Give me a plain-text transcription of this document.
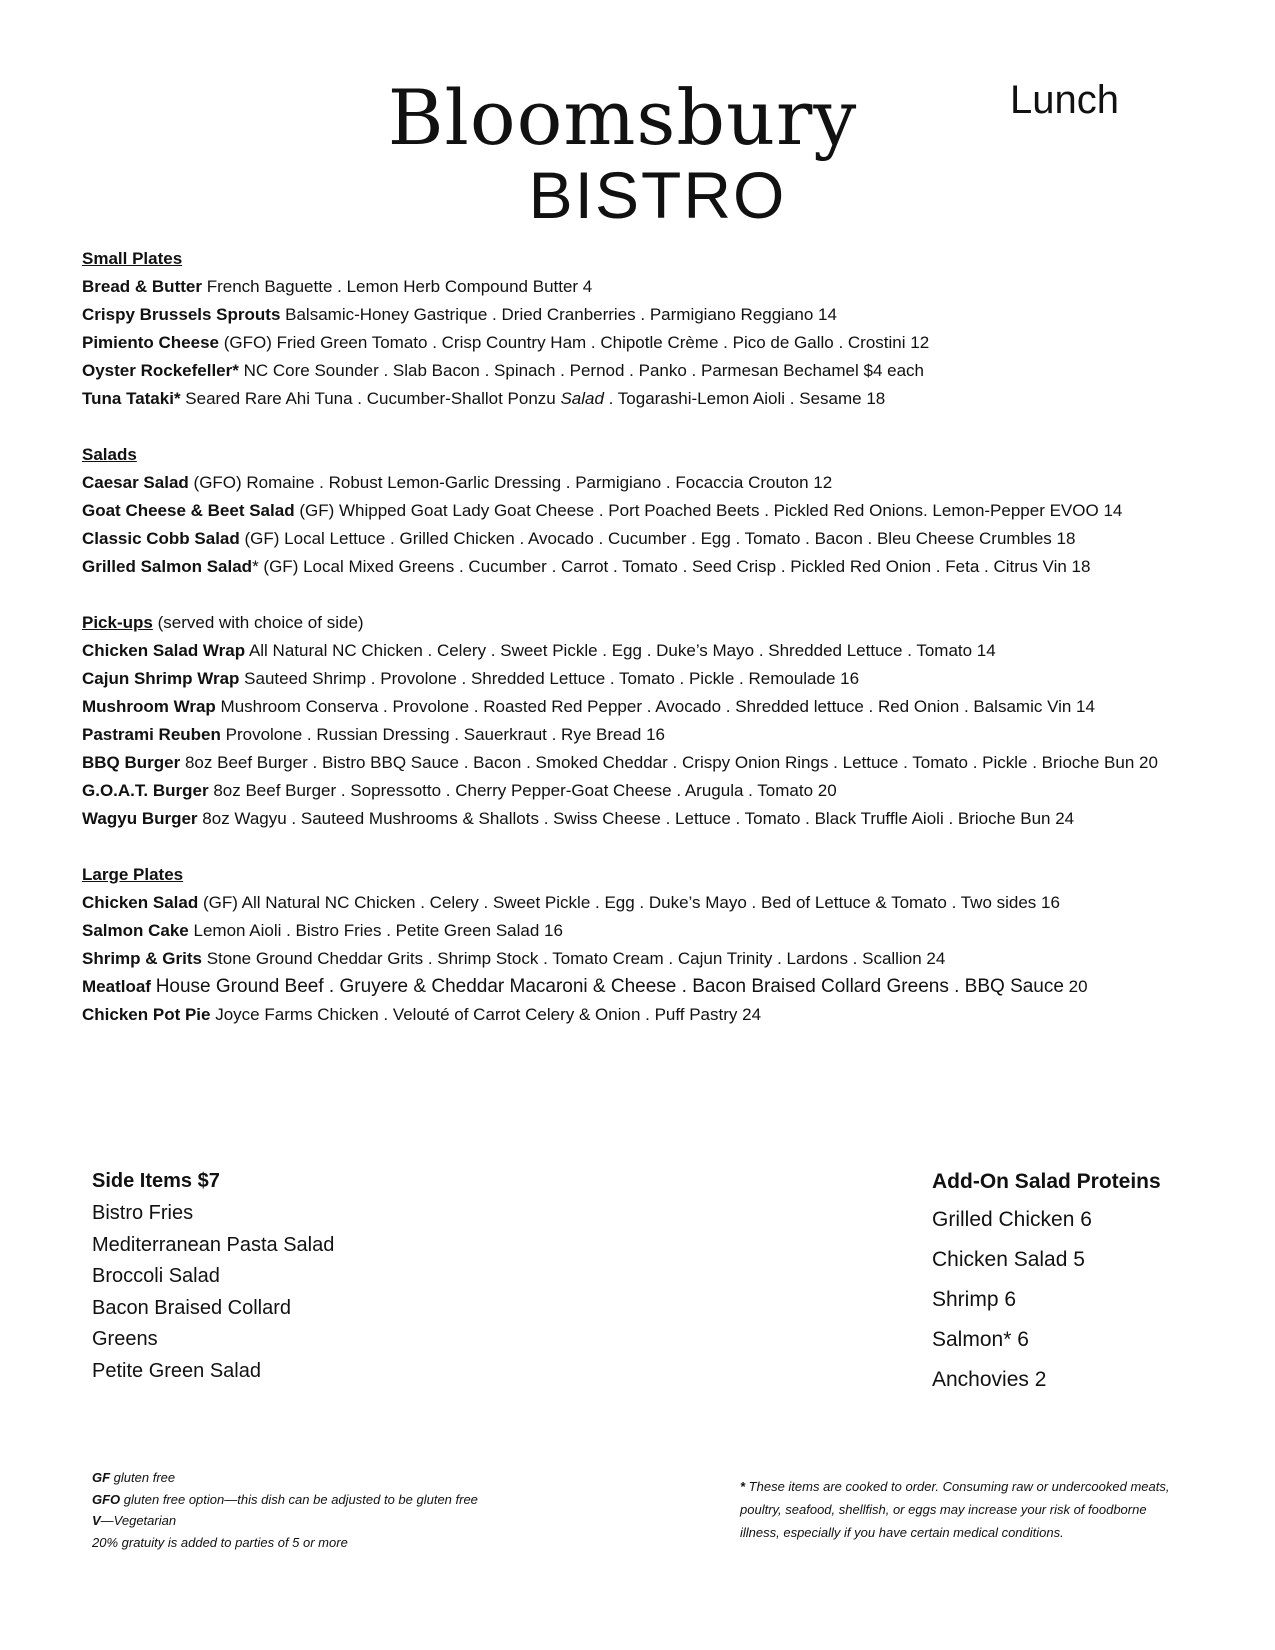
Bloomsbury
BISTRO
Lunch
Small Plates
Bread & Butter French Baguette . Lemon Herb Compound Butter 4
Crispy Brussels Sprouts Balsamic-Honey Gastrique . Dried Cranberries . Parmigiano Reggiano 14
Pimiento Cheese (GFO) Fried Green Tomato . Crisp Country Ham . Chipotle Crème . Pico de Gallo . Crostini 12
Oyster Rockefeller* NC Core Sounder . Slab Bacon . Spinach . Pernod . Panko . Parmesan Bechamel $4 each
Tuna Tataki* Seared Rare Ahi Tuna . Cucumber-Shallot Ponzu Salad . Togarashi-Lemon Aioli . Sesame 18
Salads
Caesar Salad (GFO) Romaine . Robust Lemon-Garlic Dressing . Parmigiano . Focaccia Crouton 12
Goat Cheese & Beet Salad (GF) Whipped Goat Lady Goat Cheese . Port Poached Beets . Pickled Red Onions. Lemon-Pepper EVOO 14
Classic Cobb Salad (GF) Local Lettuce . Grilled Chicken . Avocado . Cucumber . Egg . Tomato . Bacon . Bleu Cheese Crumbles 18
Grilled Salmon Salad* (GF) Local Mixed Greens . Cucumber . Carrot . Tomato . Seed Crisp . Pickled Red Onion . Feta . Citrus Vin 18
Pick-ups (served with choice of side)
Chicken Salad Wrap All Natural NC Chicken . Celery . Sweet Pickle . Egg . Duke’s Mayo . Shredded Lettuce . Tomato 14
Cajun Shrimp Wrap Sauteed Shrimp . Provolone . Shredded Lettuce . Tomato . Pickle . Remoulade 16
Mushroom Wrap Mushroom Conserva . Provolone . Roasted Red Pepper . Avocado . Shredded lettuce . Red Onion . Balsamic Vin 14
Pastrami Reuben Provolone . Russian Dressing . Sauerkraut . Rye Bread 16
BBQ Burger 8oz Beef Burger . Bistro BBQ Sauce . Bacon . Smoked Cheddar . Crispy Onion Rings . Lettuce . Tomato . Pickle . Brioche Bun 20
G.O.A.T. Burger 8oz Beef Burger . Sopressotto . Cherry Pepper-Goat Cheese . Arugula . Tomato 20
Wagyu Burger 8oz Wagyu . Sauteed Mushrooms & Shallots . Swiss Cheese . Lettuce . Tomato . Black Truffle Aioli . Brioche Bun 24
Large Plates
Chicken Salad (GF) All Natural NC Chicken . Celery . Sweet Pickle . Egg . Duke’s Mayo . Bed of Lettuce & Tomato . Two sides 16
Salmon Cake Lemon Aioli . Bistro Fries . Petite Green Salad 16
Shrimp & Grits Stone Ground Cheddar Grits . Shrimp Stock . Tomato Cream . Cajun Trinity . Lardons . Scallion 24
Meatloaf House Ground Beef . Gruyere & Cheddar Macaroni & Cheese . Bacon Braised Collard Greens . BBQ Sauce 20
Chicken Pot Pie Joyce Farms Chicken . Velouté of Carrot Celery & Onion . Puff Pastry 24
Side Items $7
Bistro Fries
Mediterranean Pasta Salad
Broccoli Salad
Bacon Braised Collard
Greens
Petite Green Salad
Add-On Salad Proteins
Grilled Chicken 6
Chicken Salad 5
Shrimp 6
Salmon* 6
Anchovies 2
GF gluten free
GFO gluten free option—this dish can be adjusted to be gluten free
V—Vegetarian
20% gratuity is added to parties of 5 or more
* These items are cooked to order. Consuming raw or undercooked meats, poultry, seafood, shellfish, or eggs may increase your risk of foodborne illness, especially if you have certain medical conditions.
